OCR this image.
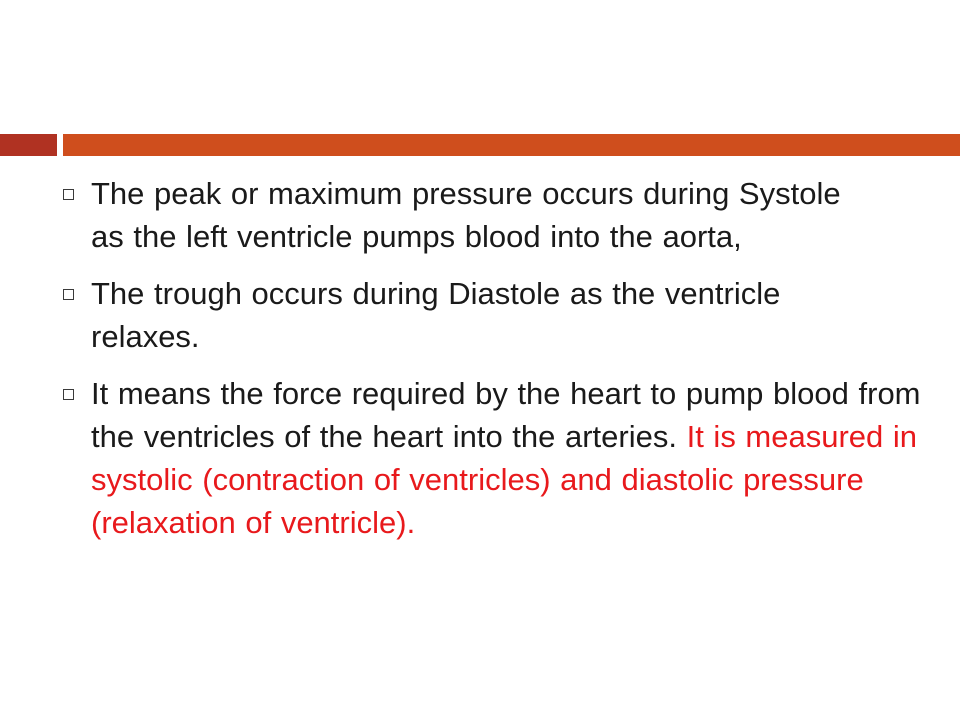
The peak or maximum pressure occurs during Systole as the left ventricle pumps blood into the aorta,

The trough occurs during Diastole as the ventricle relaxes.

It means the force required by the heart to pump blood from the ventricles of the heart into the arteries. It is measured in systolic (contraction of ventricles) and diastolic pressure (relaxation of ventricle).
